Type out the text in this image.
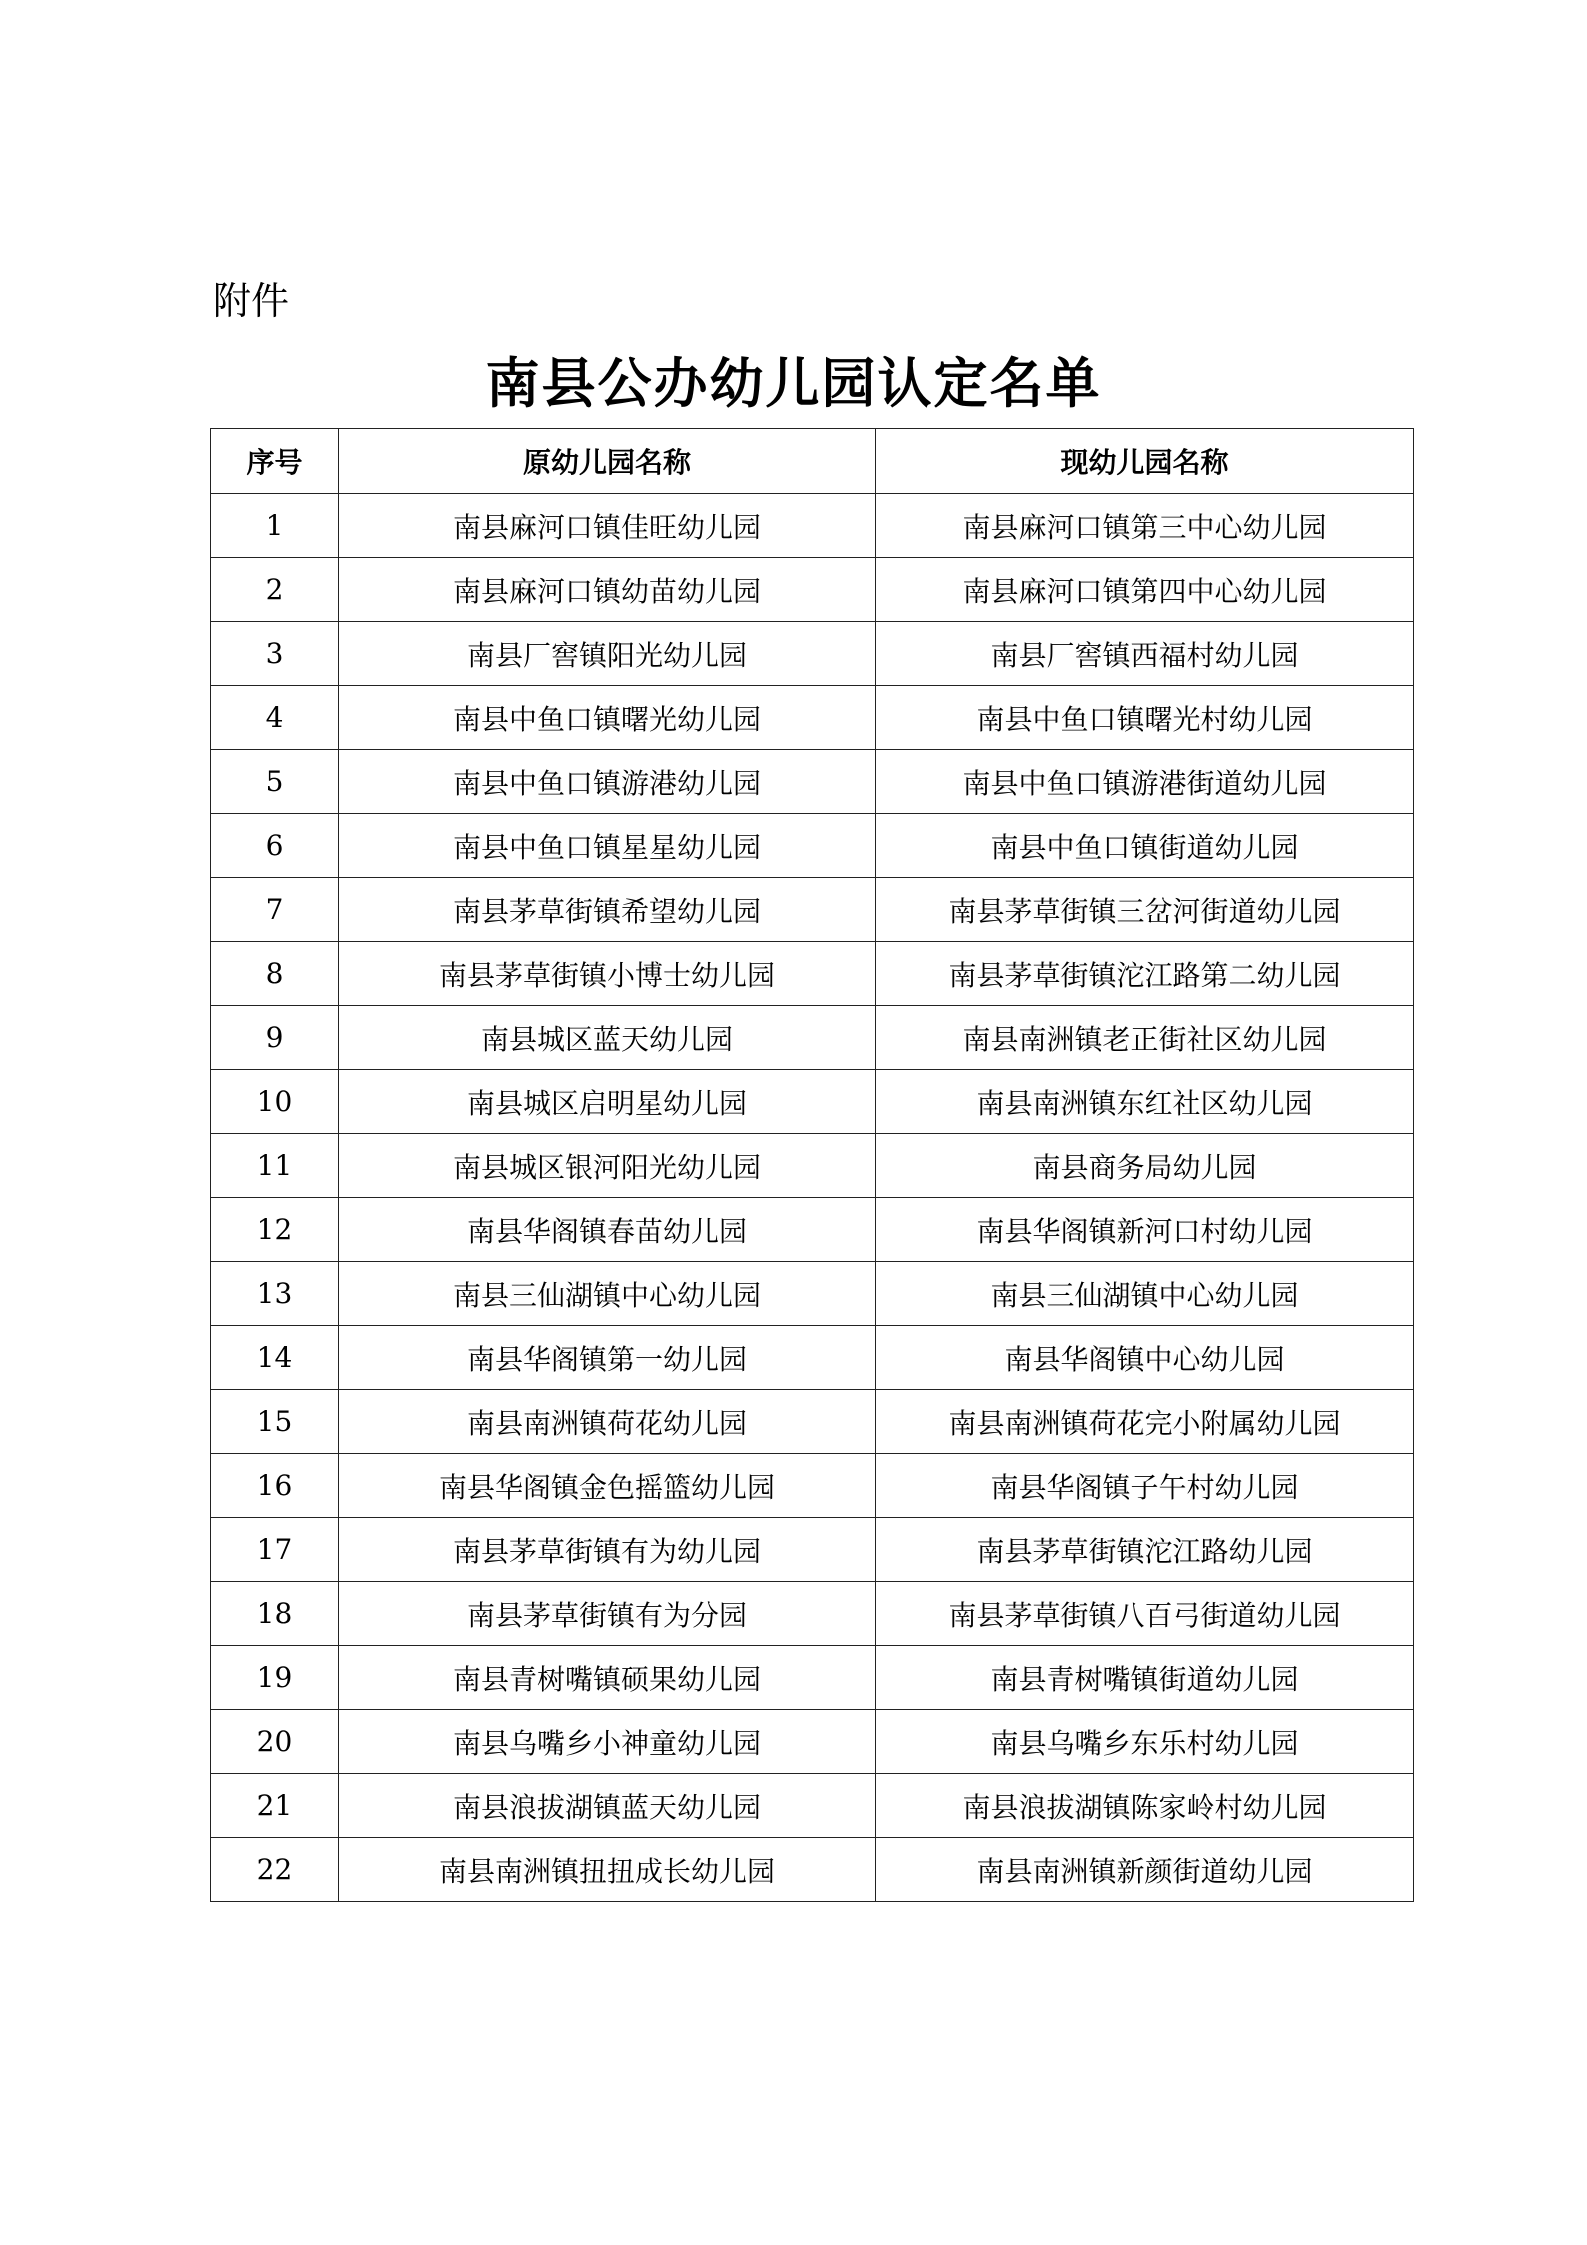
附件
南县公办幼儿园认定名单
序号	原幼儿园名称	现幼儿园名称
1	南县麻河口镇佳旺幼儿园	南县麻河口镇第三中心幼儿园
2	南县麻河口镇幼苗幼儿园	南县麻河口镇第四中心幼儿园
3	南县厂窖镇阳光幼儿园	南县厂窖镇西福村幼儿园
4	南县中鱼口镇曙光幼儿园	南县中鱼口镇曙光村幼儿园
5	南县中鱼口镇游港幼儿园	南县中鱼口镇游港街道幼儿园
6	南县中鱼口镇星星幼儿园	南县中鱼口镇街道幼儿园
7	南县茅草街镇希望幼儿园	南县茅草街镇三岔河街道幼儿园
8	南县茅草街镇小博士幼儿园	南县茅草街镇沱江路第二幼儿园
9	南县城区蓝天幼儿园	南县南洲镇老正街社区幼儿园
10	南县城区启明星幼儿园	南县南洲镇东红社区幼儿园
11	南县城区银河阳光幼儿园	南县商务局幼儿园
12	南县华阁镇春苗幼儿园	南县华阁镇新河口村幼儿园
13	南县三仙湖镇中心幼儿园	南县三仙湖镇中心幼儿园
14	南县华阁镇第一幼儿园	南县华阁镇中心幼儿园
15	南县南洲镇荷花幼儿园	南县南洲镇荷花完小附属幼儿园
16	南县华阁镇金色摇篮幼儿园	南县华阁镇子午村幼儿园
17	南县茅草街镇有为幼儿园	南县茅草街镇沱江路幼儿园
18	南县茅草街镇有为分园	南县茅草街镇八百弓街道幼儿园
19	南县青树嘴镇硕果幼儿园	南县青树嘴镇街道幼儿园
20	南县乌嘴乡小神童幼儿园	南县乌嘴乡东乐村幼儿园
21	南县浪拔湖镇蓝天幼儿园	南县浪拔湖镇陈家岭村幼儿园
22	南县南洲镇扭扭成长幼儿园	南县南洲镇新颜街道幼儿园
